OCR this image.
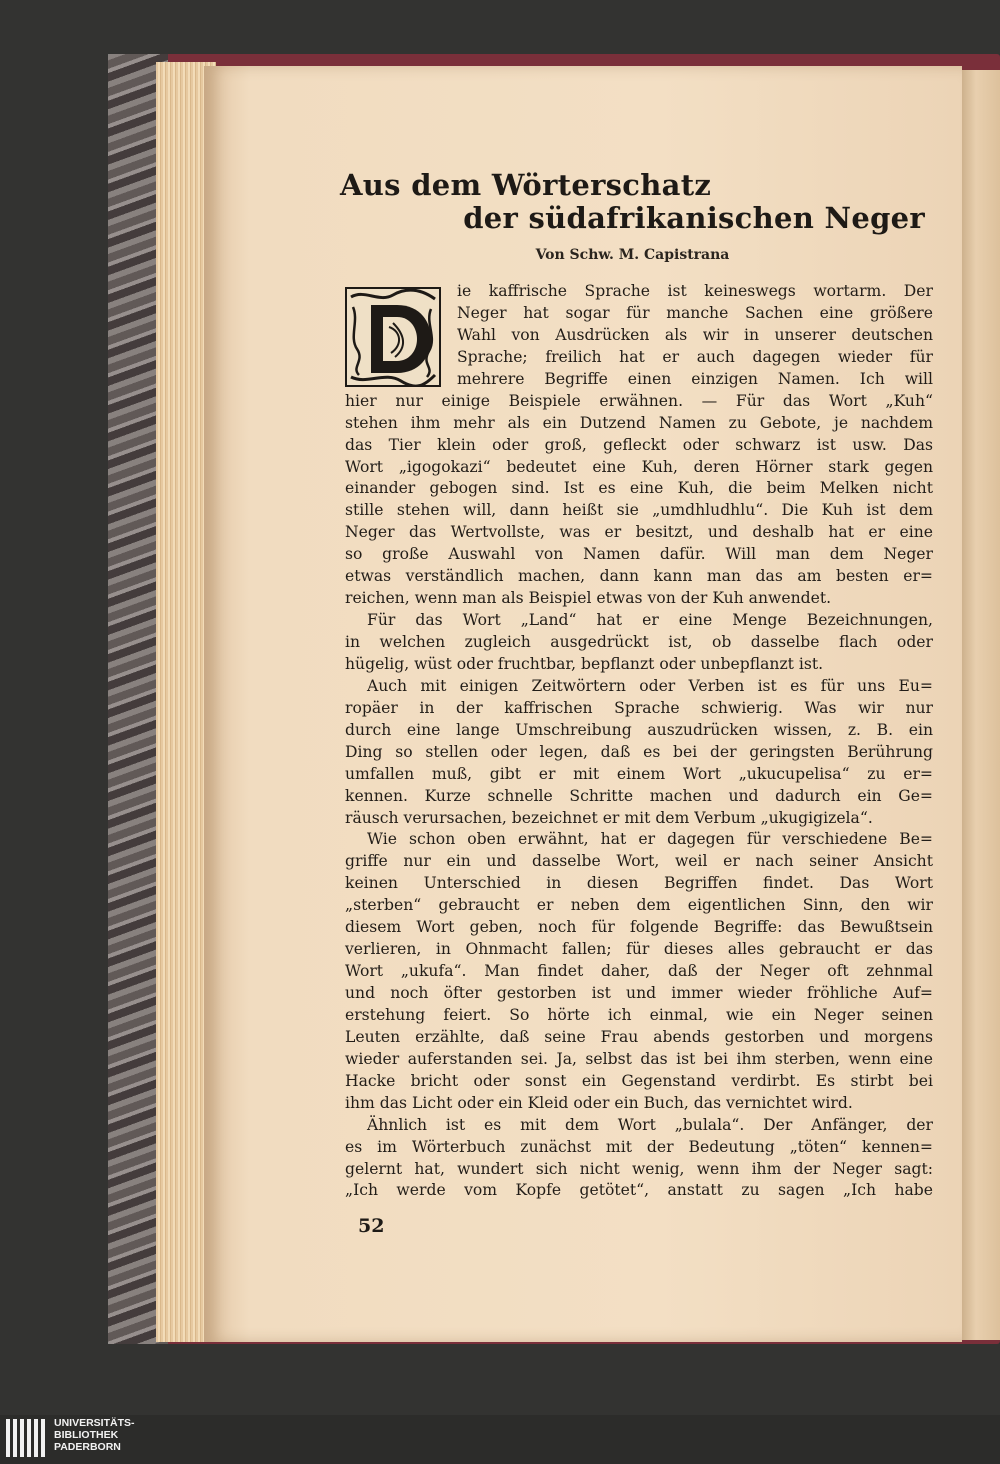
Aus dem Wörterschatz
der südafrikanischen Neger
Von Schw. M. Capistrana
ie kaffrische Sprache ist keineswegs wortarm. Der
Neger hat sogar für manche Sachen eine größere
Wahl von Ausdrücken als wir in unserer deutschen
Sprache; freilich hat er auch dagegen wieder für
mehrere Begriffe einen einzigen Namen. Ich will
hier nur einige Beispiele erwähnen. — Für das Wort „Kuh“
stehen ihm mehr als ein Dutzend Namen zu Gebote, je nachdem
das Tier klein oder groß, gefleckt oder schwarz ist usw. Das
Wort „igogokazi“ bedeutet eine Kuh, deren Hörner stark gegen
einander gebogen sind. Ist es eine Kuh, die beim Melken nicht
stille stehen will, dann heißt sie „umdhludhlu“. Die Kuh ist dem
Neger das Wertvollste, was er besitzt, und deshalb hat er eine
so große Auswahl von Namen dafür. Will man dem Neger
etwas verständlich machen, dann kann man das am besten er=
reichen, wenn man als Beispiel etwas von der Kuh anwendet.
Für das Wort „Land“ hat er eine Menge Bezeichnungen,
in welchen zugleich ausgedrückt ist, ob dasselbe flach oder
hügelig, wüst oder fruchtbar, bepflanzt oder unbepflanzt ist.
Auch mit einigen Zeitwörtern oder Verben ist es für uns Eu=
ropäer in der kaffrischen Sprache schwierig. Was wir nur
durch eine lange Umschreibung auszudrücken wissen, z. B. ein
Ding so stellen oder legen, daß es bei der geringsten Berührung
umfallen muß, gibt er mit einem Wort „ukucupelisa“ zu er=
kennen. Kurze schnelle Schritte machen und dadurch ein Ge=
räusch verursachen, bezeichnet er mit dem Verbum „ukugigizela“.
Wie schon oben erwähnt, hat er dagegen für verschiedene Be=
griffe nur ein und dasselbe Wort, weil er nach seiner Ansicht
keinen Unterschied in diesen Begriffen findet. Das Wort
„sterben“ gebraucht er neben dem eigentlichen Sinn, den wir
diesem Wort geben, noch für folgende Begriffe: das Bewußtsein
verlieren, in Ohnmacht fallen; für dieses alles gebraucht er das
Wort „ukufa“. Man findet daher, daß der Neger oft zehnmal
und noch öfter gestorben ist und immer wieder fröhliche Auf=
erstehung feiert. So hörte ich einmal, wie ein Neger seinen
Leuten erzählte, daß seine Frau abends gestorben und morgens
wieder auferstanden sei. Ja, selbst das ist bei ihm sterben, wenn eine
Hacke bricht oder sonst ein Gegenstand verdirbt. Es stirbt bei
ihm das Licht oder ein Kleid oder ein Buch, das vernichtet wird.
Ähnlich ist es mit dem Wort „bulala“. Der Anfänger, der
es im Wörterbuch zunächst mit der Bedeutung „töten“ kennen=
gelernt hat, wundert sich nicht wenig, wenn ihm der Neger sagt:
„Ich werde vom Kopfe getötet“, anstatt zu sagen „Ich habe
52
UNIVERSITÄTS-
BIBLIOTHEK
PADERBORN
